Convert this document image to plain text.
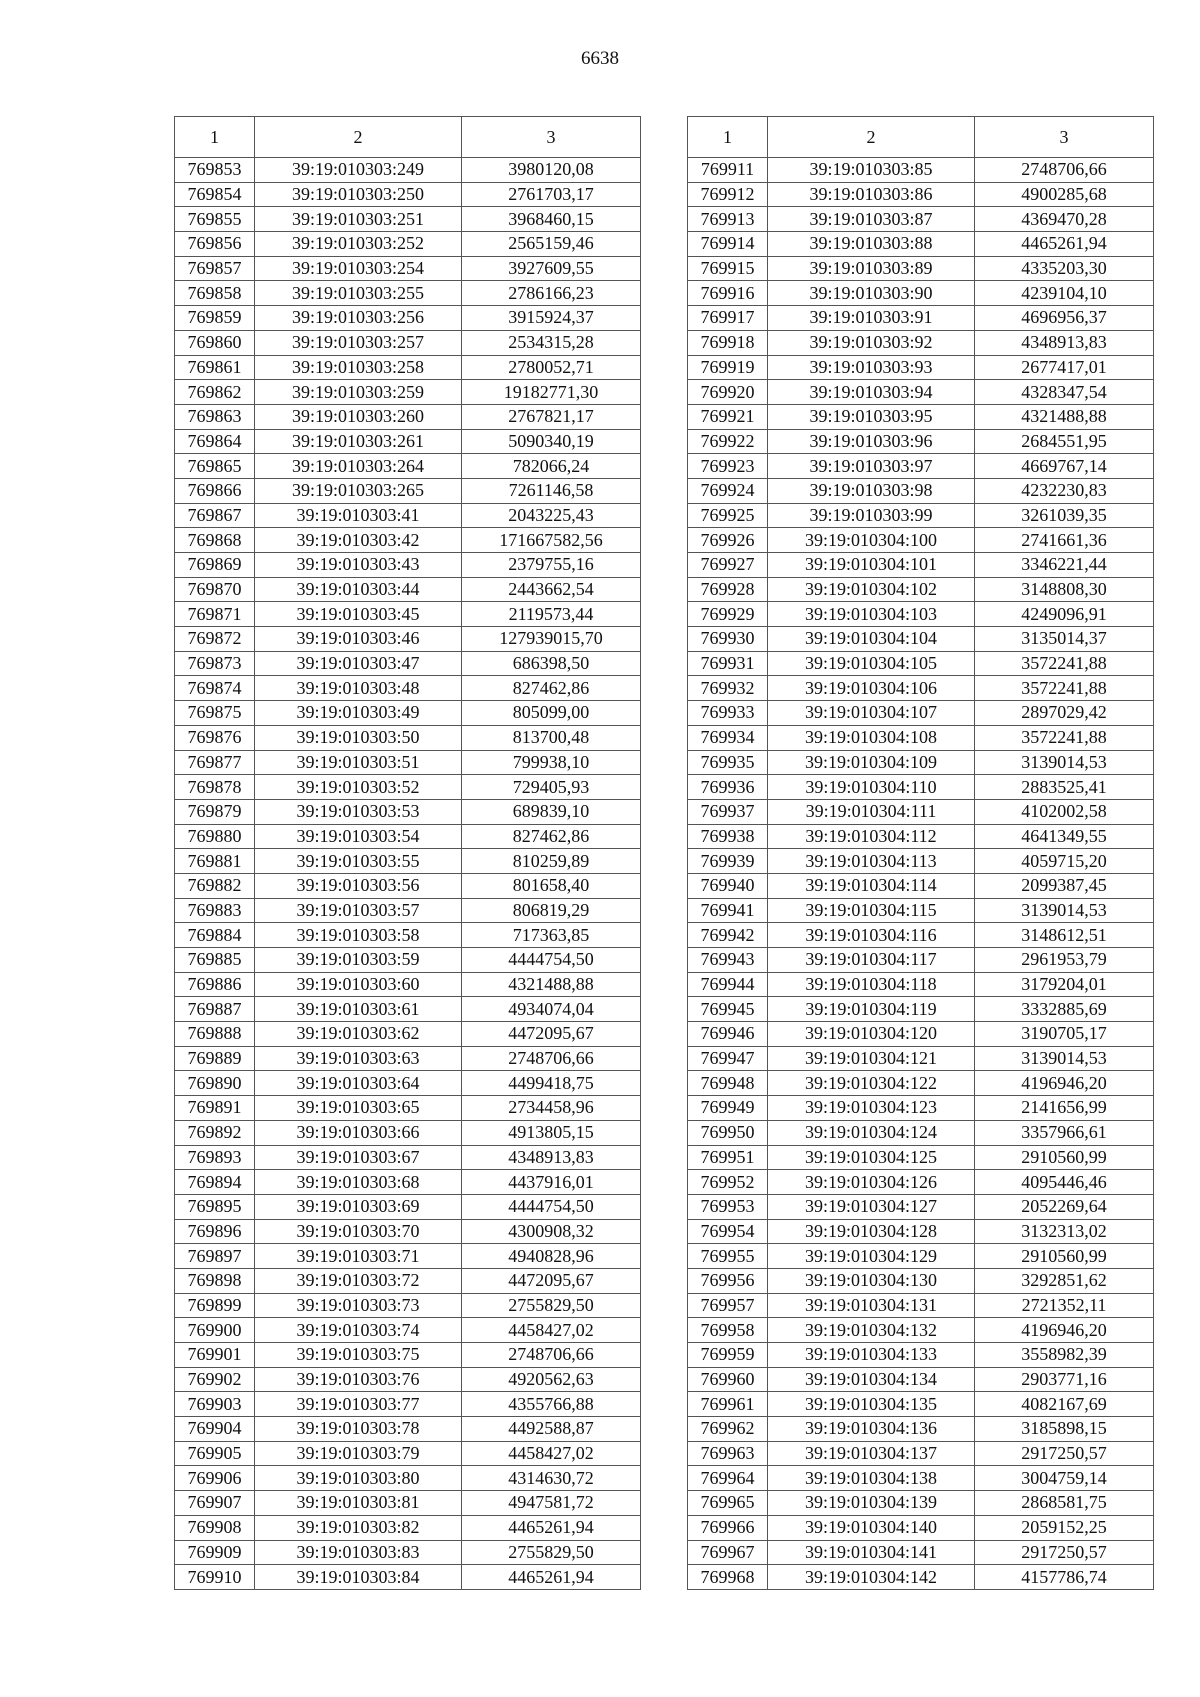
6638
1	2	3
769853	39:19:010303:249	3980120,08
769854	39:19:010303:250	2761703,17
769855	39:19:010303:251	3968460,15
769856	39:19:010303:252	2565159,46
769857	39:19:010303:254	3927609,55
769858	39:19:010303:255	2786166,23
769859	39:19:010303:256	3915924,37
769860	39:19:010303:257	2534315,28
769861	39:19:010303:258	2780052,71
769862	39:19:010303:259	19182771,30
769863	39:19:010303:260	2767821,17
769864	39:19:010303:261	5090340,19
769865	39:19:010303:264	782066,24
769866	39:19:010303:265	7261146,58
769867	39:19:010303:41	2043225,43
769868	39:19:010303:42	171667582,56
769869	39:19:010303:43	2379755,16
769870	39:19:010303:44	2443662,54
769871	39:19:010303:45	2119573,44
769872	39:19:010303:46	127939015,70
769873	39:19:010303:47	686398,50
769874	39:19:010303:48	827462,86
769875	39:19:010303:49	805099,00
769876	39:19:010303:50	813700,48
769877	39:19:010303:51	799938,10
769878	39:19:010303:52	729405,93
769879	39:19:010303:53	689839,10
769880	39:19:010303:54	827462,86
769881	39:19:010303:55	810259,89
769882	39:19:010303:56	801658,40
769883	39:19:010303:57	806819,29
769884	39:19:010303:58	717363,85
769885	39:19:010303:59	4444754,50
769886	39:19:010303:60	4321488,88
769887	39:19:010303:61	4934074,04
769888	39:19:010303:62	4472095,67
769889	39:19:010303:63	2748706,66
769890	39:19:010303:64	4499418,75
769891	39:19:010303:65	2734458,96
769892	39:19:010303:66	4913805,15
769893	39:19:010303:67	4348913,83
769894	39:19:010303:68	4437916,01
769895	39:19:010303:69	4444754,50
769896	39:19:010303:70	4300908,32
769897	39:19:010303:71	4940828,96
769898	39:19:010303:72	4472095,67
769899	39:19:010303:73	2755829,50
769900	39:19:010303:74	4458427,02
769901	39:19:010303:75	2748706,66
769902	39:19:010303:76	4920562,63
769903	39:19:010303:77	4355766,88
769904	39:19:010303:78	4492588,87
769905	39:19:010303:79	4458427,02
769906	39:19:010303:80	4314630,72
769907	39:19:010303:81	4947581,72
769908	39:19:010303:82	4465261,94
769909	39:19:010303:83	2755829,50
769910	39:19:010303:84	4465261,94
1	2	3
769911	39:19:010303:85	2748706,66
769912	39:19:010303:86	4900285,68
769913	39:19:010303:87	4369470,28
769914	39:19:010303:88	4465261,94
769915	39:19:010303:89	4335203,30
769916	39:19:010303:90	4239104,10
769917	39:19:010303:91	4696956,37
769918	39:19:010303:92	4348913,83
769919	39:19:010303:93	2677417,01
769920	39:19:010303:94	4328347,54
769921	39:19:010303:95	4321488,88
769922	39:19:010303:96	2684551,95
769923	39:19:010303:97	4669767,14
769924	39:19:010303:98	4232230,83
769925	39:19:010303:99	3261039,35
769926	39:19:010304:100	2741661,36
769927	39:19:010304:101	3346221,44
769928	39:19:010304:102	3148808,30
769929	39:19:010304:103	4249096,91
769930	39:19:010304:104	3135014,37
769931	39:19:010304:105	3572241,88
769932	39:19:010304:106	3572241,88
769933	39:19:010304:107	2897029,42
769934	39:19:010304:108	3572241,88
769935	39:19:010304:109	3139014,53
769936	39:19:010304:110	2883525,41
769937	39:19:010304:111	4102002,58
769938	39:19:010304:112	4641349,55
769939	39:19:010304:113	4059715,20
769940	39:19:010304:114	2099387,45
769941	39:19:010304:115	3139014,53
769942	39:19:010304:116	3148612,51
769943	39:19:010304:117	2961953,79
769944	39:19:010304:118	3179204,01
769945	39:19:010304:119	3332885,69
769946	39:19:010304:120	3190705,17
769947	39:19:010304:121	3139014,53
769948	39:19:010304:122	4196946,20
769949	39:19:010304:123	2141656,99
769950	39:19:010304:124	3357966,61
769951	39:19:010304:125	2910560,99
769952	39:19:010304:126	4095446,46
769953	39:19:010304:127	2052269,64
769954	39:19:010304:128	3132313,02
769955	39:19:010304:129	2910560,99
769956	39:19:010304:130	3292851,62
769957	39:19:010304:131	2721352,11
769958	39:19:010304:132	4196946,20
769959	39:19:010304:133	3558982,39
769960	39:19:010304:134	2903771,16
769961	39:19:010304:135	4082167,69
769962	39:19:010304:136	3185898,15
769963	39:19:010304:137	2917250,57
769964	39:19:010304:138	3004759,14
769965	39:19:010304:139	2868581,75
769966	39:19:010304:140	2059152,25
769967	39:19:010304:141	2917250,57
769968	39:19:010304:142	4157786,74
